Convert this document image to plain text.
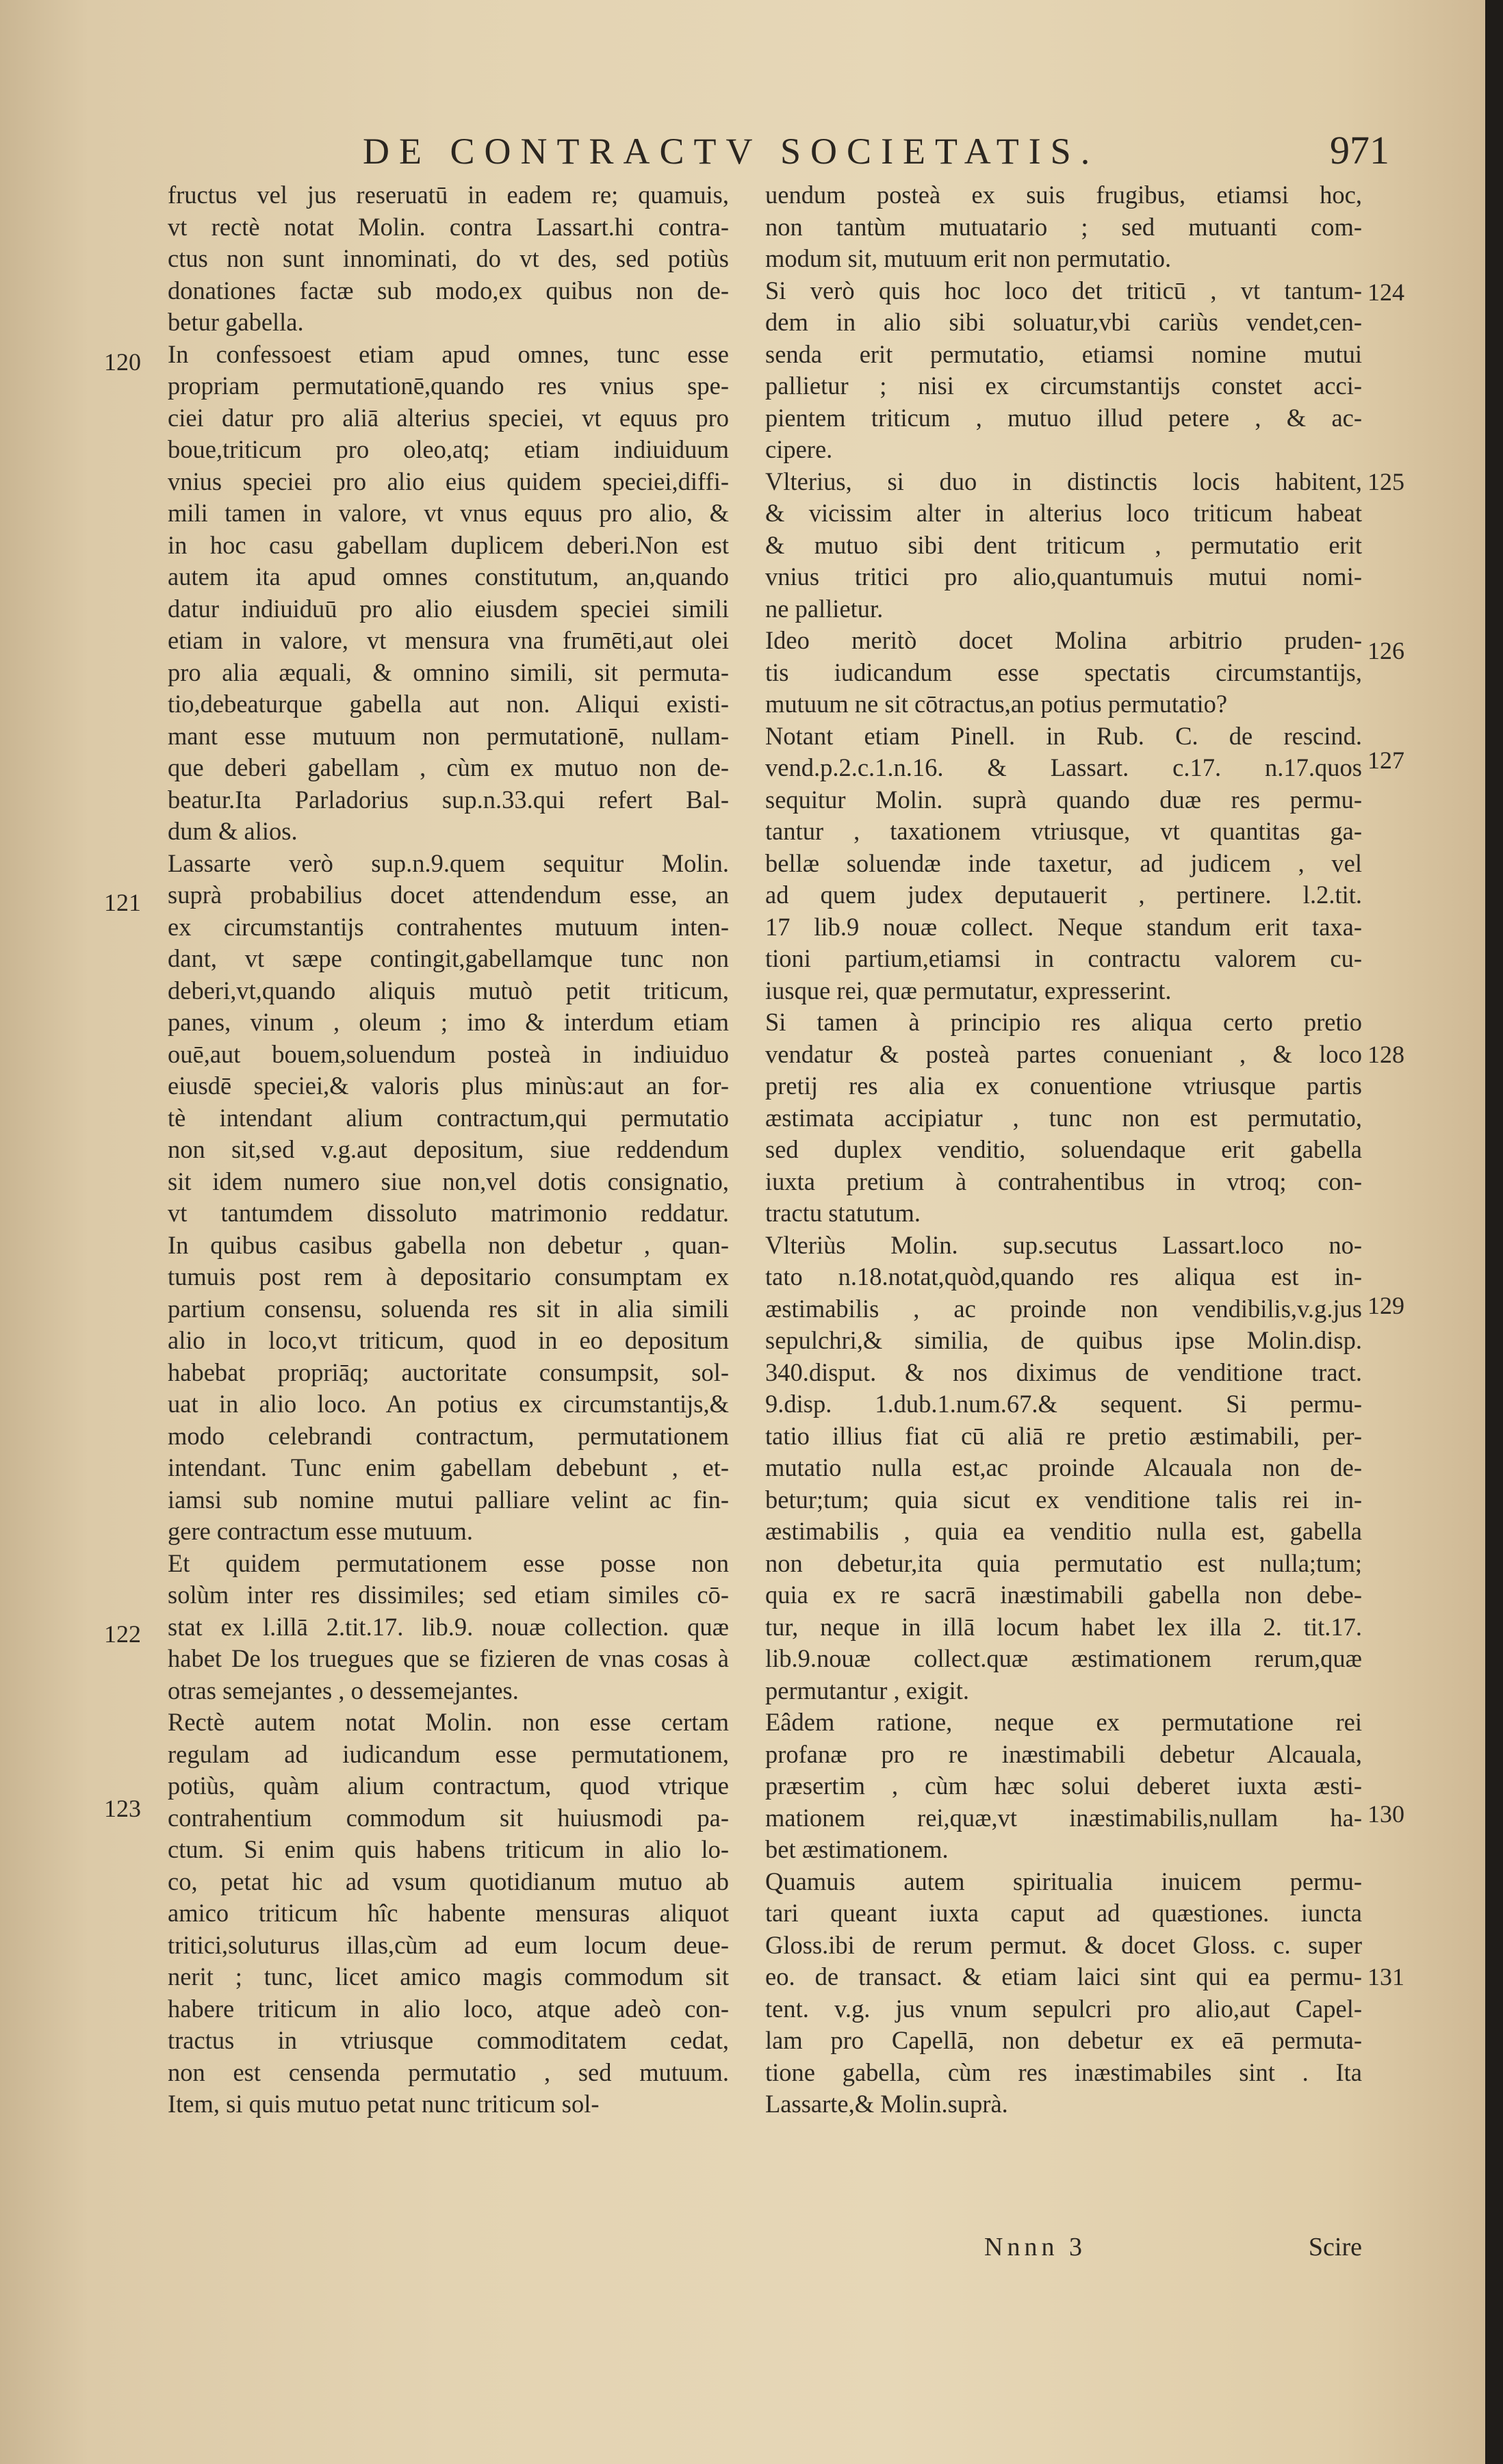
DE CONTRACTV SOCIETATIS.	971
fructus vel jus reseruatū in eadem re; quamuis,
vt rectè notat Molin. contra Lassart.hi contra-
ctus non sunt innominati, do vt des, sed potiùs
donationes factæ sub modo,ex quibus non de-
betur gabella.
In confessoest etiam apud omnes, tunc esse
propriam permutationē,quando res vnius spe-
ciei datur pro aliā alterius speciei, vt equus pro
boue,triticum pro oleo,atq; etiam indiuiduum
vnius speciei pro alio eius quidem speciei,diffi-
mili tamen in valore, vt vnus equus pro alio, &
in hoc casu gabellam duplicem deberi.Non est
autem ita apud omnes constitutum, an,quando
datur indiuiduū pro alio eiusdem speciei simili
etiam in valore, vt mensura vna frumēti,aut olei
pro alia æquali, & omnino simili, sit permuta-
tio,debeaturque gabella aut non. Aliqui existi-
mant esse mutuum non permutationē, nullam-
que deberi gabellam , cùm ex mutuo non de-
beatur.Ita Parladorius sup.n.33.qui refert Bal-
dum & alios.
Lassarte verò sup.n.9.quem sequitur Molin.
suprà probabilius docet attendendum esse, an
ex circumstantijs contrahentes mutuum inten-
dant, vt sæpe contingit,gabellamque tunc non
deberi,vt,quando aliquis mutuò petit triticum,
panes, vinum , oleum ; imo & interdum etiam
ouē,aut bouem,soluendum posteà in indiuiduo
eiusdē speciei,& valoris plus minùs:aut an for-
tè intendant alium contractum,qui permutatio
non sit,sed v.g.aut depositum, siue reddendum
sit idem numero siue non,vel dotis consignatio,
vt tantumdem dissoluto matrimonio reddatur.
In quibus casibus gabella non debetur , quan-
tumuis post rem à depositario consumptam ex
partium consensu, soluenda res sit in alia simili
alio in loco,vt triticum, quod in eo depositum
habebat propriāq; auctoritate consumpsit, sol-
uat in alio loco. An potius ex circumstantijs,&
modo celebrandi contractum, permutationem
intendant. Tunc enim gabellam debebunt , et-
iamsi sub nomine mutui palliare velint ac fin-
gere contractum esse mutuum.
Et quidem permutationem esse posse non
solùm inter res dissimiles; sed etiam similes cō-
stat ex l.illā 2.tit.17. lib.9. nouæ collection. quæ
habet De los truegues que se fizieren de vnas cosas à
otras semejantes , o dessemejantes.
Rectè autem notat Molin. non esse certam
regulam ad iudicandum esse permutationem,
potiùs, quàm alium contractum, quod vtrique
contrahentium commodum sit huiusmodi pa-
ctum. Si enim quis habens triticum in alio lo-
co, petat hic ad vsum quotidianum mutuo ab
amico triticum hîc habente mensuras aliquot
tritici,soluturus illas,cùm ad eum locum deue-
nerit ; tunc, licet amico magis commodum sit
habere triticum in alio loco, atque adeò con-
tractus in vtriusque commoditatem cedat,
non est censenda permutatio , sed mutuum.
Item, si quis mutuo petat nunc triticum sol-
uendum posteà ex suis frugibus, etiamsi hoc,
non tantùm mutuatario ; sed mutuanti com-
modum sit, mutuum erit non permutatio.
Si verò quis hoc loco det triticū , vt tantum-
dem in alio sibi soluatur,vbi cariùs vendet,cen-
senda erit permutatio, etiamsi nomine mutui
pallietur ; nisi ex circumstantijs constet acci-
pientem triticum , mutuo illud petere , & ac-
cipere.
Vlterius, si duo in distinctis locis habitent,
& vicissim alter in alterius loco triticum habeat
& mutuo sibi dent triticum , permutatio erit
vnius tritici pro alio,quantumuis mutui nomi-
ne pallietur.
Ideo meritò docet Molina arbitrio pruden-
tis iudicandum esse spectatis circumstantijs,
mutuum ne sit cōtractus,an potius permutatio?
Notant etiam Pinell. in Rub. C. de rescind.
vend.p.2.c.1.n.16. & Lassart. c.17. n.17.quos
sequitur Molin. suprà quando duæ res permu-
tantur , taxationem vtriusque, vt quantitas ga-
bellæ soluendæ inde taxetur, ad judicem , vel
ad quem judex deputauerit , pertinere. l.2.tit.
17 lib.9 nouæ collect. Neque standum erit taxa-
tioni partium,etiamsi in contractu valorem cu-
iusque rei, quæ permutatur, expresserint.
Si tamen à principio res aliqua certo pretio
vendatur & posteà partes conueniant , & loco
pretij res alia ex conuentione vtriusque partis
æstimata accipiatur , tunc non est permutatio,
sed duplex venditio, soluendaque erit gabella
iuxta pretium à contrahentibus in vtroq; con-
tractu statutum.
Vlteriùs Molin. sup.secutus Lassart.loco no-
tato n.18.notat,quòd,quando res aliqua est in-
æstimabilis , ac proinde non vendibilis,v.g.jus
sepulchri,& similia, de quibus ipse Molin.disp.
340.disput. & nos diximus de venditione tract.
9.disp. 1.dub.1.num.67.& sequent. Si permu-
tatio illius fiat cū aliā re pretio æstimabili, per-
mutatio nulla est,ac proinde Alcauala non de-
betur;tum; quia sicut ex venditione talis rei in-
æstimabilis , quia ea venditio nulla est, gabella
non debetur,ita quia permutatio est nulla;tum;
quia ex re sacrā inæstimabili gabella non debe-
tur, neque in illā locum habet lex illa 2. tit.17.
lib.9.nouæ collect.quæ æstimationem rerum,quæ
permutantur , exigit.
Eâdem ratione, neque ex permutatione rei
profanæ pro re inæstimabili debetur Alcauala,
præsertim , cùm hæc solui deberet iuxta æsti-
mationem rei,quæ,vt inæstimabilis,nullam ha-
bet æstimationem.
Quamuis autem spiritualia inuicem permu-
tari queant iuxta caput ad quæstiones. iuncta
Gloss.ibi de rerum permut. & docet Gloss. c. super
eo. de transact. & etiam laici sint qui ea permu-
tent. v.g. jus vnum sepulcri pro alio,aut Capel-
lam pro Capellā, non debetur ex eā permuta-
tione gabella, cùm res inæstimabiles sint . Ita
Lassarte,& Molin.suprà.
120
121
122
123
124
125
126
127
128
129
130
131
Nnnn 3	Scire
